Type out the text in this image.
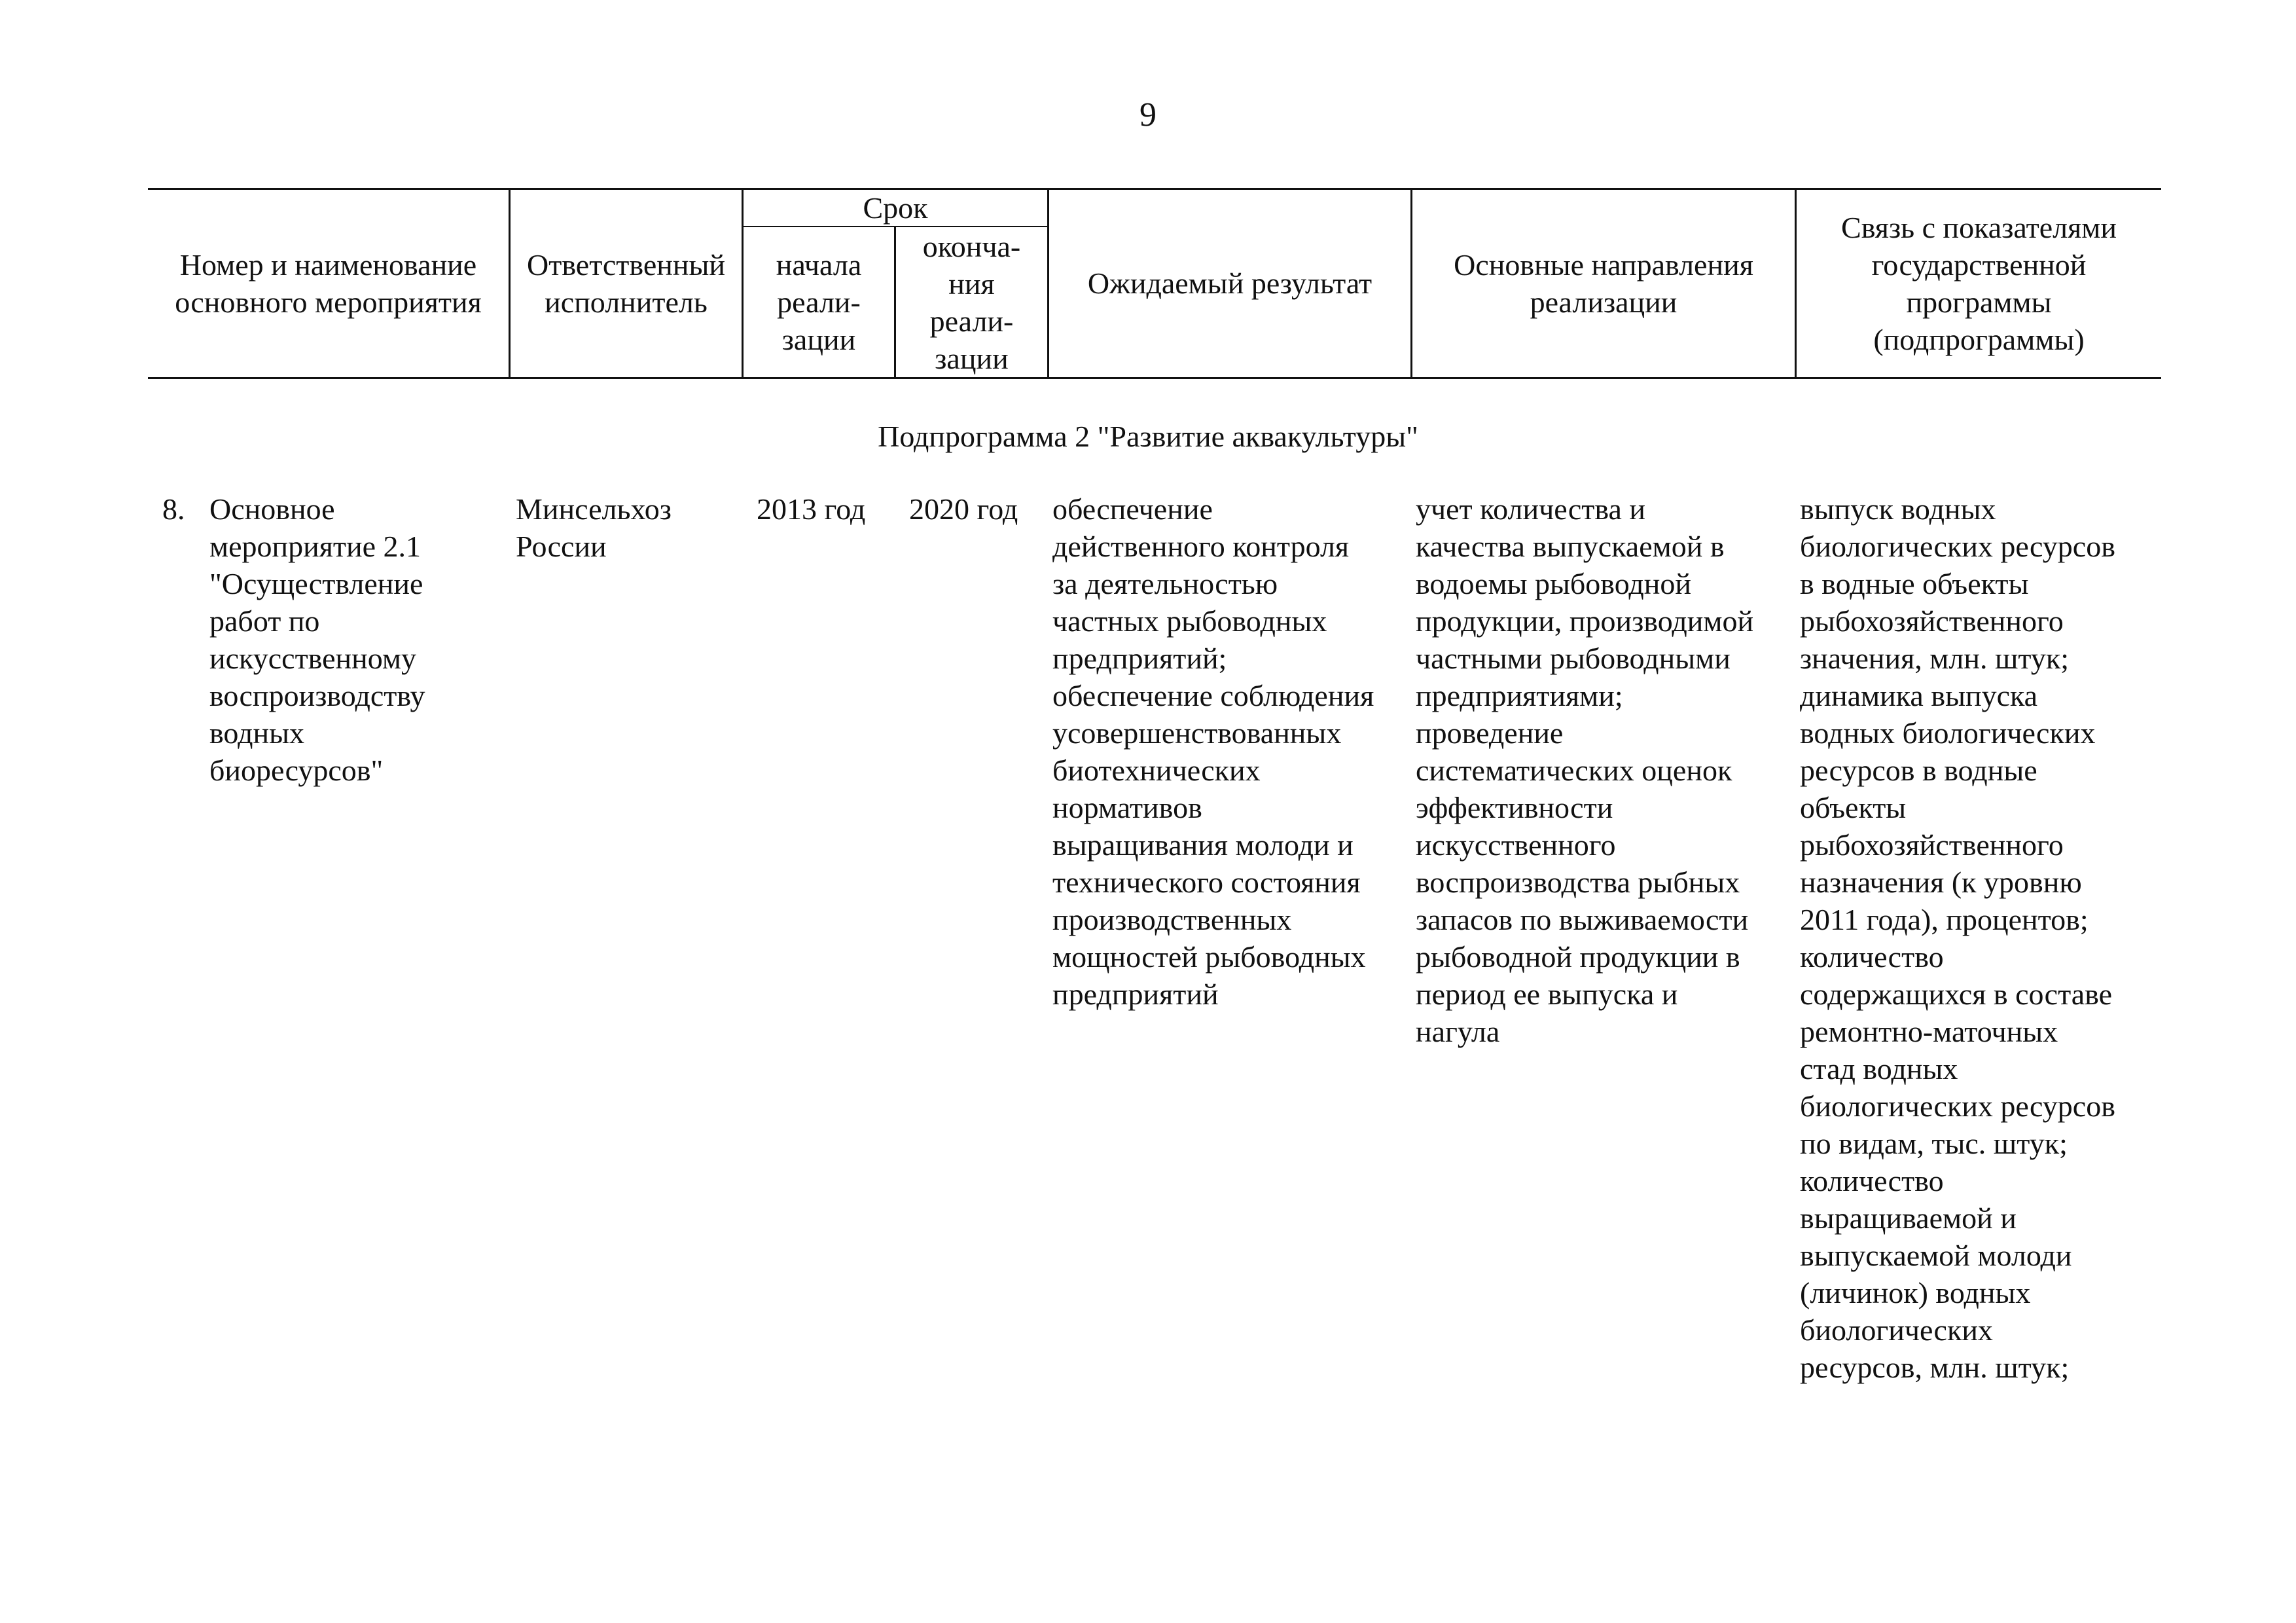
9
Номер и наименование
основного мероприятия
Ответственный
исполнитель
Срок
начала
реали-
зации
оконча-
ния
реали-
зации
Ожидаемый результат
Основные направления
реализации
Связь с показателями
государственной
программы
(подпрограммы)
Подпрограмма 2 "Развитие аквакультуры"
8. Основное
мероприятие 2.1
"Осуществление
работ по
искусственному
воспроизводству
водных
биоресурсов"
Минсельхоз
России
2013 год 2020 год обеспечение
действенного контроля
за деятельностью
частных рыбоводных
предприятий;
обеспечение соблюдения
усовершенствованных
биотехнических
нормативов
выращивания молоди и
технического состояния
производственных
мощностей рыбоводных
предприятий
учет количества и
качества выпускаемой в
водоемы рыбоводной
продукции, производимой
частными рыбоводными
предприятиями;
проведение
систематических оценок
эффективности
искусственного
воспроизводства рыбных
запасов по выживаемости
рыбоводной продукции в
период ее выпуска и
нагула
выпуск водных
биологических ресурсов
в водные объекты
рыбохозяйственного
значения, млн. штук;
динамика выпуска
водных биологических
ресурсов в водные
объекты
рыбохозяйственного
назначения (к уровню
2011 года), процентов;
количество
содержащихся в составе
ремонтно-маточных
стад водных
биологических ресурсов
по видам, тыс. штук;
количество
выращиваемой и
выпускаемой молоди
(личинок) водных
биологических
ресурсов, млн. штук;
